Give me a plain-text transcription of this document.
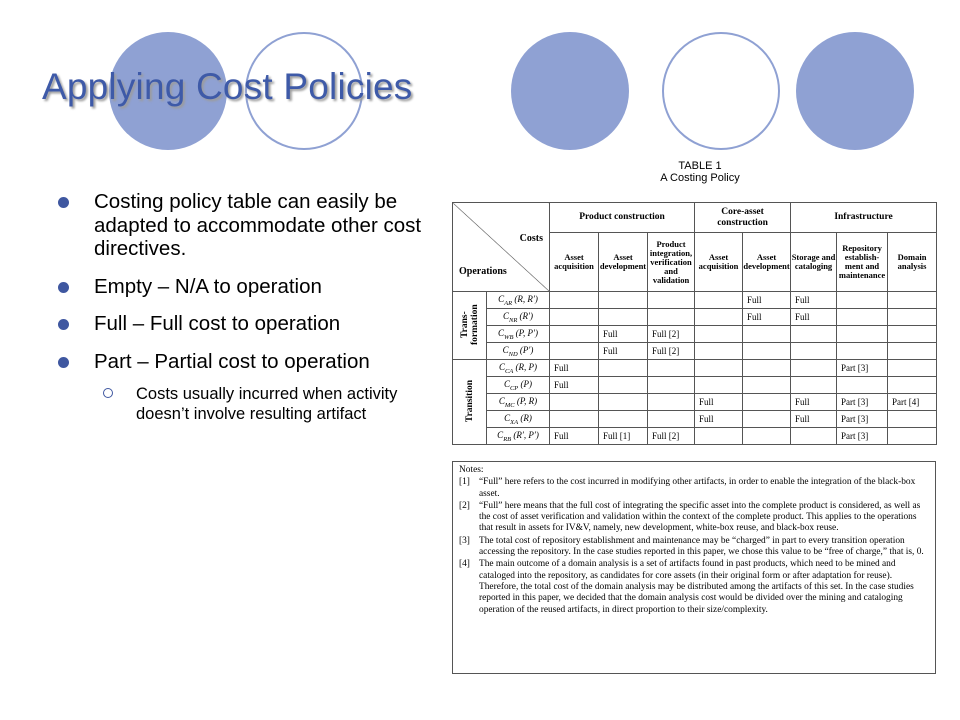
Applying Cost Policies
Costing policy table can easily be adapted to accommodate other cost directives.
Empty – N/A to operation
Full – Full cost to operation
Part – Partial cost to operation
Costs usually incurred when activity doesn’t involve resulting artifact
TABLE 1
A Costing Policy
Costs
Operations		Product construction			Core-asset construction		Infrastructure		
		Asset acquisition	Asset development	Product integration, verification and validation	Asset acquisition	Asset development	Storage and cataloging	Repository establish-ment and maintenance	Domain analysis
Trans-formation	$C_{AR}$ (R, R′)					Full	Full		
	$C_{NR}$ (R′)					Full	Full		
	$C_{WB}$ (P, P′)		Full	Full [2]					
	$C_{ND}$ (P′)		Full	Full [2]					
Transition	$C_{CA}$ (R, P)	Full						Part [3]	
	$C_{CP}$ (P)	Full							
	$C_{MC}$ (P, R)				Full		Full	Part [3]	Part [4]
	$C_{XA}$ (R)				Full		Full	Part [3]	
	$C_{RB}$ (R′, P′)	Full	Full [1]	Full [2]				Part [3]	
Notes:
[1] “Full” here refers to the cost incurred in modifying other artifacts, in order to enable the integration of the black-box asset.
[2] “Full” here means that the full cost of integrating the specific asset into the complete product is considered, as well as the cost of asset verification and validation within the context of the complete product. This applies to the operations that result in assets for IV&V, namely, new development, white-box reuse, and black-box reuse.
[3] The total cost of repository establishment and maintenance may be “charged” in part to every transition operation accessing the repository. In the case studies reported in this paper, we chose this value to be “free of charge,” that is, 0.
[4] The main outcome of a domain analysis is a set of artifacts found in past products, which need to be mined and cataloged into the repository, as candidates for core assets (in their original form or after adaptation for reuse). Therefore, the total cost of the domain analysis may be distributed among the artifacts of this set. In the case studies reported in this paper, we decided that the domain analysis cost would be divided over the mining and cataloging operation of the reused artifacts, in direct proportion to their size/complexity.
